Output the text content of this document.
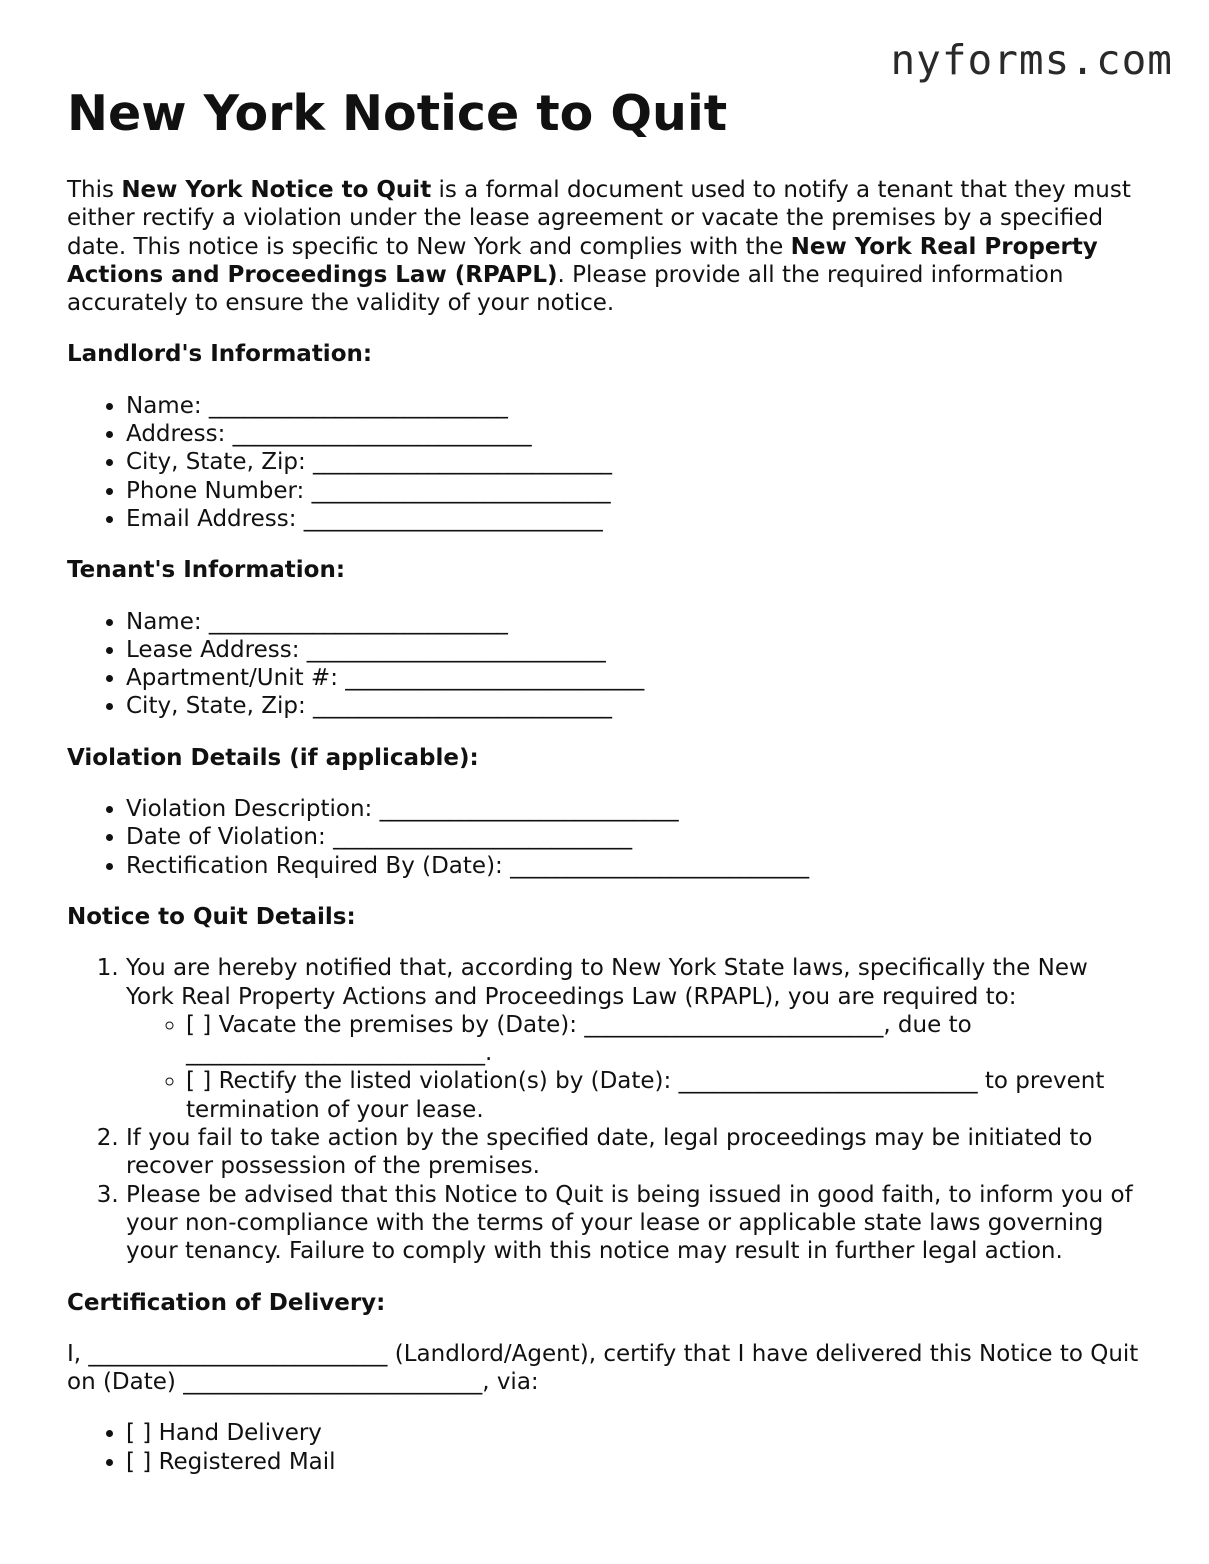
nyforms.com
New York Notice to Quit

This New York Notice to Quit is a formal document used to notify a tenant that they must either rectify a violation under the lease agreement or vacate the premises by a specified date. This notice is specific to New York and complies with the New York Real Property Actions and Proceedings Law (RPAPL). Please provide all the required information accurately to ensure the validity of your notice.

Landlord's Information:

• Name: __________________________
• Address: __________________________
• City, State, Zip: __________________________
• Phone Number: __________________________
• Email Address: __________________________

Tenant's Information:

• Name: __________________________
• Lease Address: __________________________
• Apartment/Unit #: __________________________
• City, State, Zip: __________________________

Violation Details (if applicable):

• Violation Description: __________________________
• Date of Violation: __________________________
• Rectification Required By (Date): __________________________

Notice to Quit Details:

1. You are hereby notified that, according to New York State laws, specifically the New York Real Property Actions and Proceedings Law (RPAPL), you are required to:
◦ [ ] Vacate the premises by (Date): __________________________, due to __________________________.
◦ [ ] Rectify the listed violation(s) by (Date): __________________________ to prevent termination of your lease.
2. If you fail to take action by the specified date, legal proceedings may be initiated to recover possession of the premises.
3. Please be advised that this Notice to Quit is being issued in good faith, to inform you of your non-compliance with the terms of your lease or applicable state laws governing your tenancy. Failure to comply with this notice may result in further legal action.

Certification of Delivery:

I, __________________________ (Landlord/Agent), certify that I have delivered this Notice to Quit on (Date) __________________________, via:

• [ ] Hand Delivery
• [ ] Registered Mail
